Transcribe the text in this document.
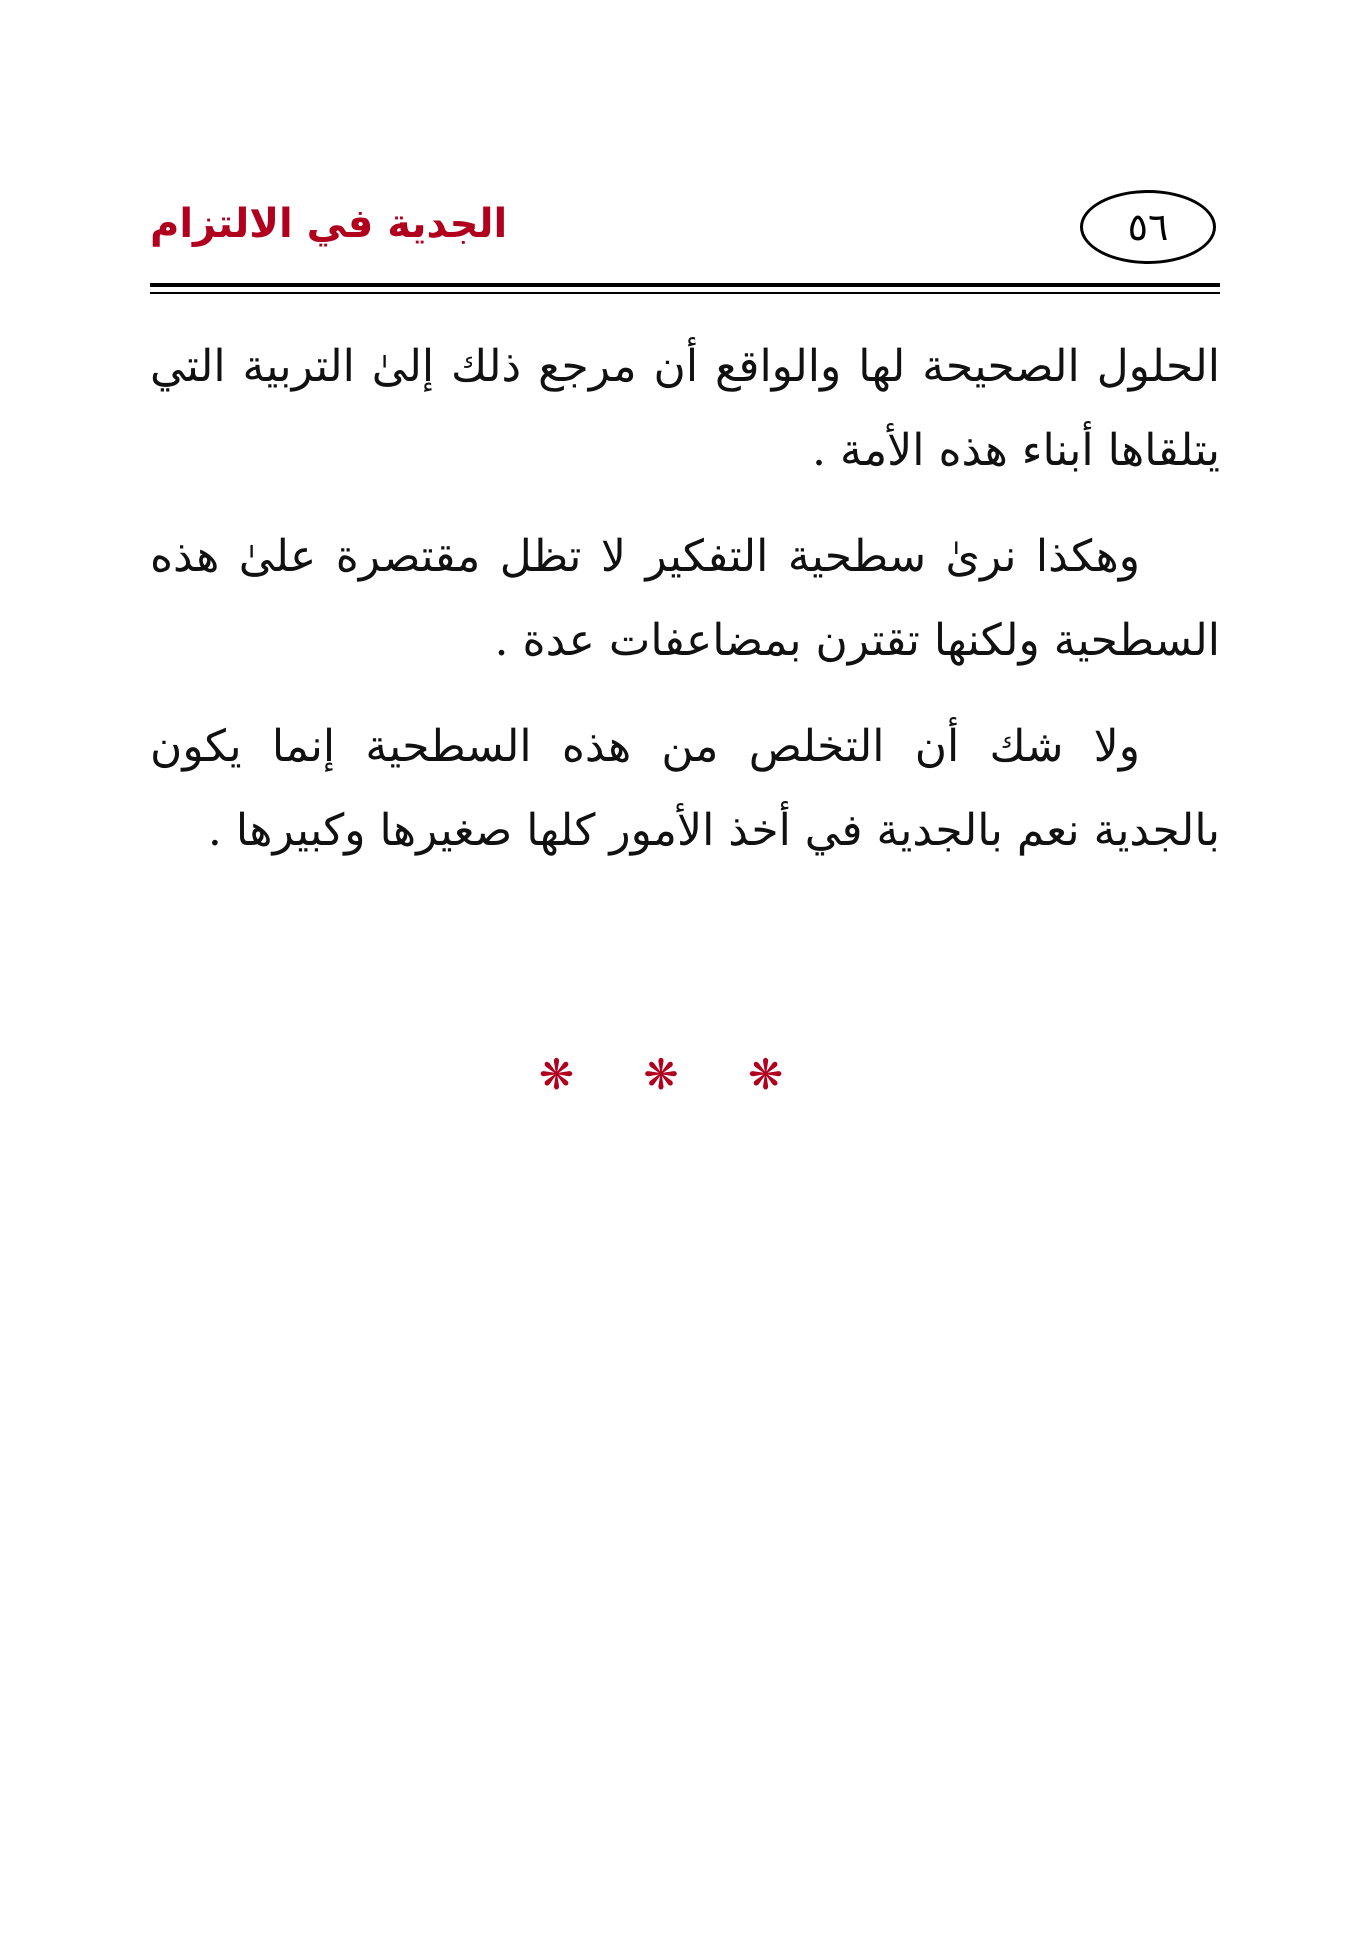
الجدية في الالتزام	٥٦

الحلول الصحيحة لها والواقع أن مرجع ذلك إلىٰ التربية التي يتلقاها أبناء هذه الأمة .

وهكذا نرىٰ سطحية التفكير لا تظل مقتصرة علىٰ هذه السطحية ولكنها تقترن بمضاعفات عدة .

ولا شك أن التخلص من هذه السطحية إنما يكون بالجدية نعم بالجدية في أخذ الأمور كلها صغيرها وكبيرها .

❋ ❋ ❋
